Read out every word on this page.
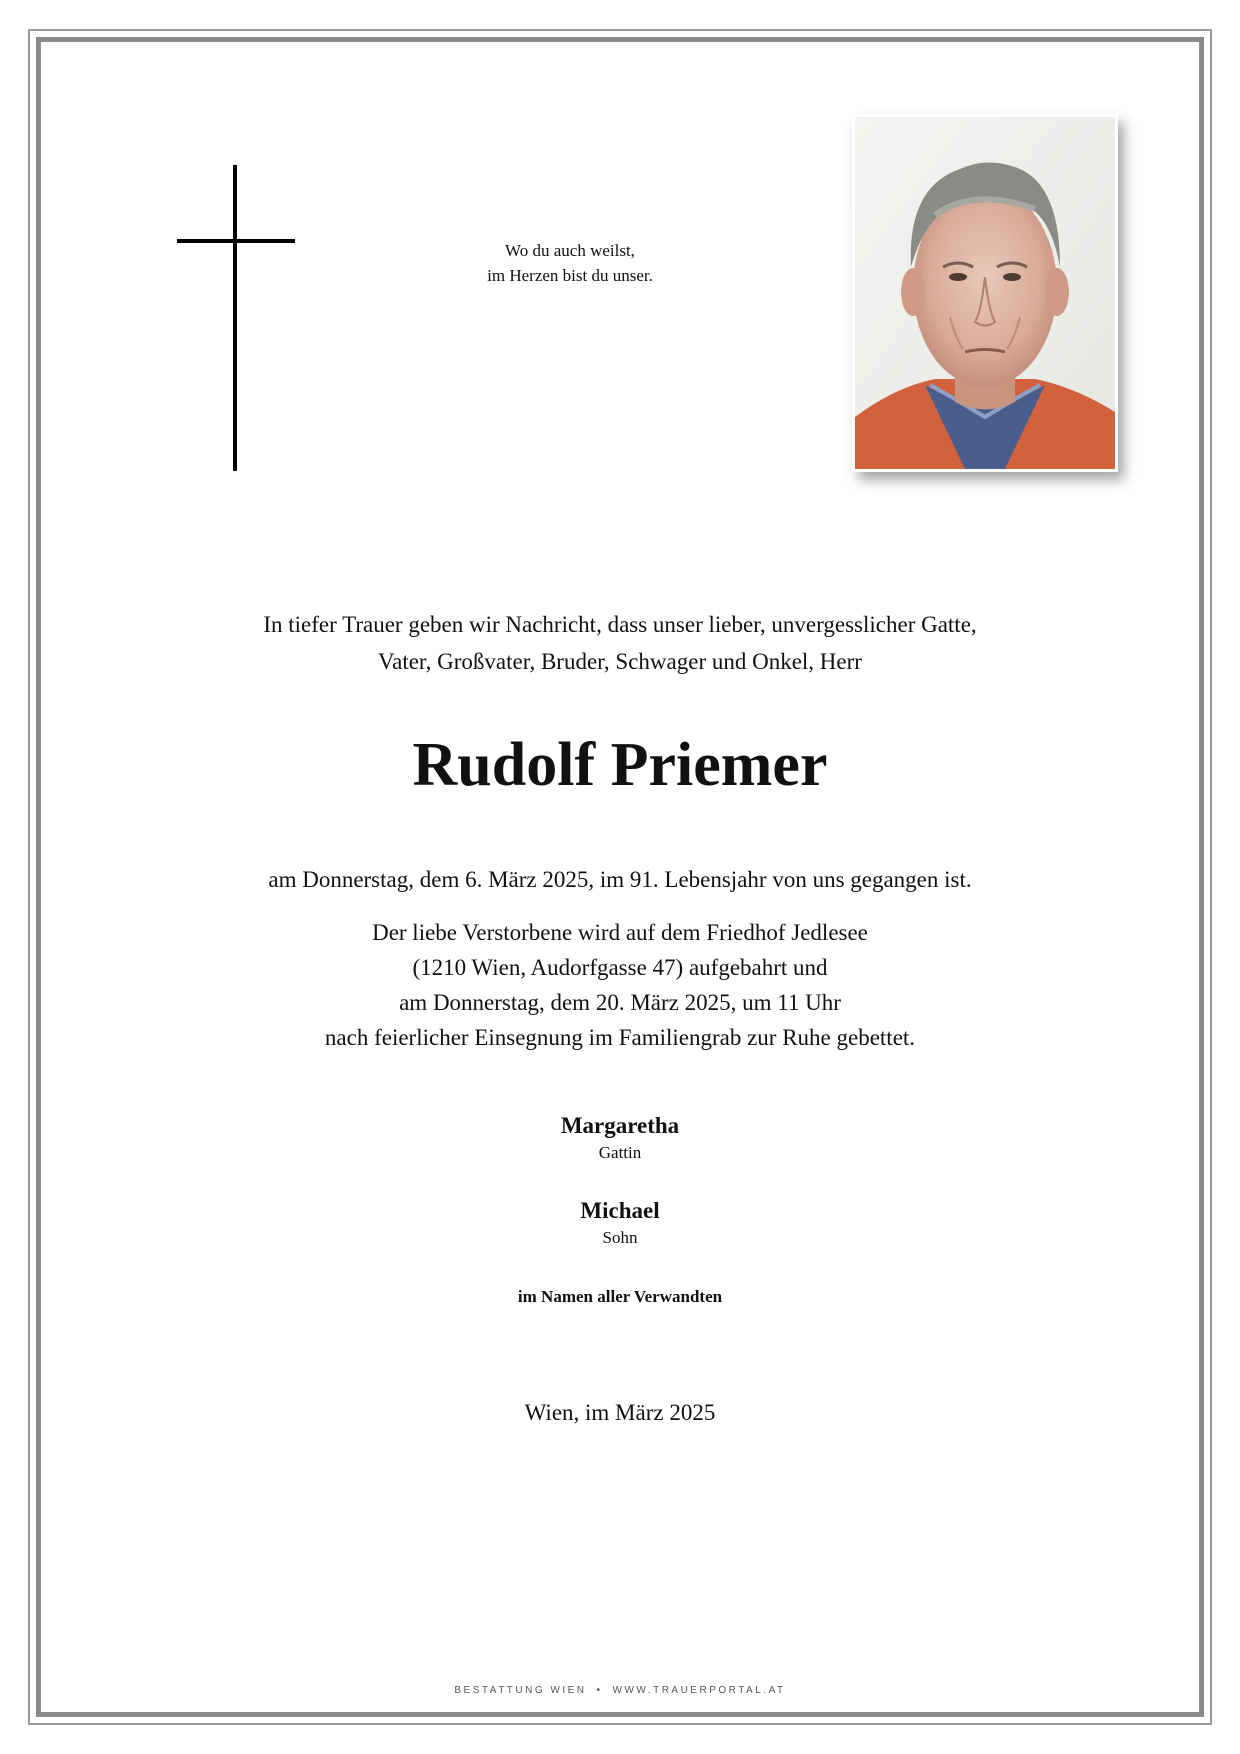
Wo du auch weilst,
im Herzen bist du unser.
In tiefer Trauer geben wir Nachricht, dass unser lieber, unvergesslicher Gatte,
Vater, Großvater, Bruder, Schwager und Onkel, Herr
Rudolf Priemer
am Donnerstag, dem 6. März 2025, im 91. Lebensjahr von uns gegangen ist.
Der liebe Verstorbene wird auf dem Friedhof Jedlesee
(1210 Wien, Audorfgasse 47) aufgebahrt und
am Donnerstag, dem 20. März 2025, um 11 Uhr
nach feierlicher Einsegnung im Familiengrab zur Ruhe gebettet.
Margaretha
Gattin
Michael
Sohn
im Namen aller Verwandten
Wien, im März 2025
BESTATTUNG WIEN • WWW.TRAUERPORTAL.AT
